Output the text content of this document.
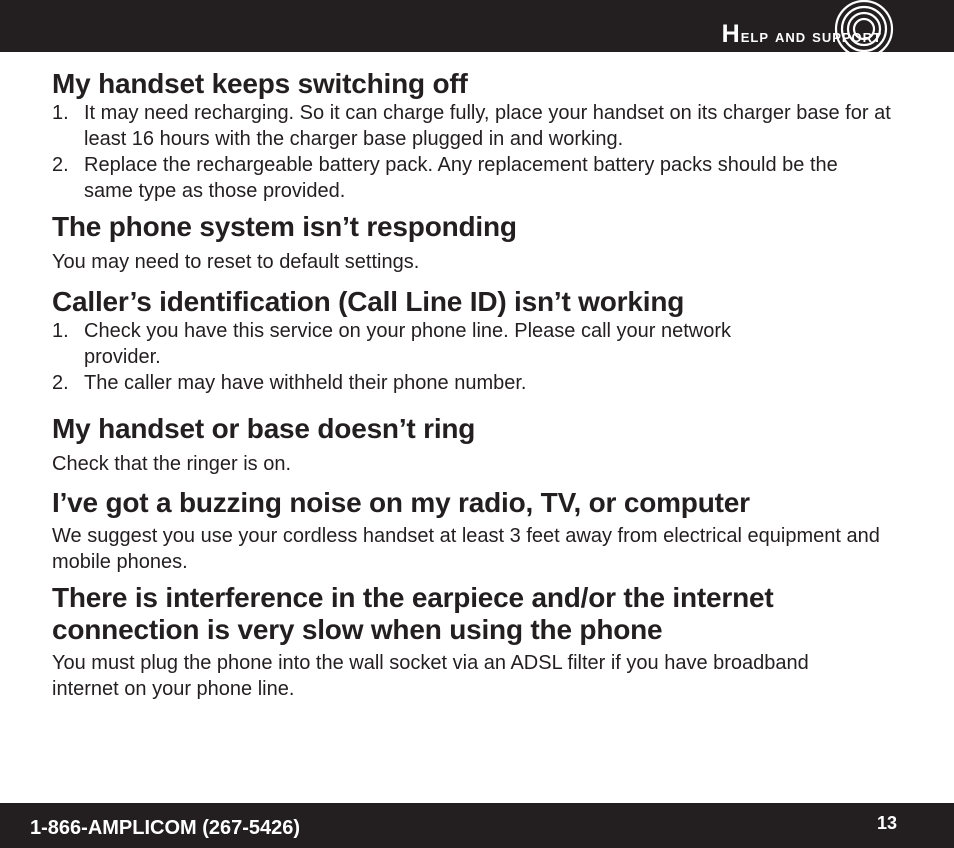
Help and support
My handset keeps switching off
1. It may need recharging. So it can charge fully, place your handset on its charger base for at least 16 hours with the charger base plugged in and working.
2. Replace the rechargeable battery pack. Any replacement battery packs should be the same type as those provided.
The phone system isn’t responding

You may need to reset to default settings.

Caller’s identification (Call Line ID) isn’t working
1. Check you have this service on your phone line. Please call your network provider.
2. The caller may have withheld their phone number.
My handset or base doesn’t ring

Check that the ringer is on.

I’ve got a buzzing noise on my radio, TV, or computer

We suggest you use your cordless handset at least 3 feet away from electrical equipment and mobile phones.

There is interference in the earpiece and/or the internet connection is very slow when using the phone

You must plug the phone into the wall socket via an ADSL filter if you have broadband internet on your phone line.

1-866-AMPLICOM (267-5426)	13
